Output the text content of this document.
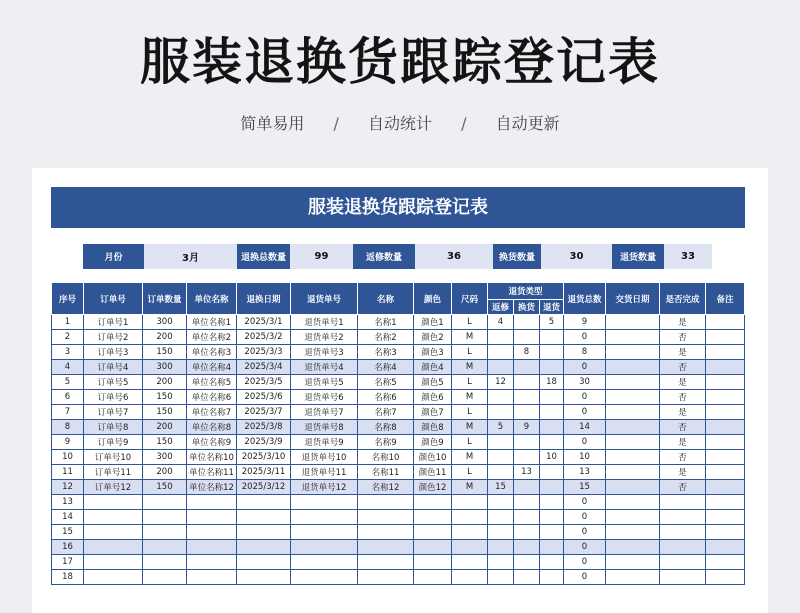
服装退换货跟踪登记表
简单易用 / 自动统计 / 自动更新
服装退换货跟踪登记表
月份	3月	退换总数量	99	返修数量	36	换货数量	30	退货数量	33
序号	订单号	订单数量	单位名称	退换日期	退货单号	名称	颜色	尺码	退货类型			退货总数	交货日期	是否完成	备注
									返修	换货	退货				
1	订单号1	300	单位名称1	2025/3/1	退货单号1	名称1	颜色1	L	4		5	9		是	
2	订单号2	200	单位名称2	2025/3/2	退货单号2	名称2	颜色2	M				0		否	
3	订单号3	150	单位名称3	2025/3/3	退货单号3	名称3	颜色3	L		8		8		是	
4	订单号4	300	单位名称4	2025/3/4	退货单号4	名称4	颜色4	M				0		否	
5	订单号5	200	单位名称5	2025/3/5	退货单号5	名称5	颜色5	L	12		18	30		是	
6	订单号6	150	单位名称6	2025/3/6	退货单号6	名称6	颜色6	M				0		否	
7	订单号7	150	单位名称7	2025/3/7	退货单号7	名称7	颜色7	L				0		是	
8	订单号8	200	单位名称8	2025/3/8	退货单号8	名称8	颜色8	M	5	9		14		否	
9	订单号9	150	单位名称9	2025/3/9	退货单号9	名称9	颜色9	L				0		是	
10	订单号10	300	单位名称10	2025/3/10	退货单号10	名称10	颜色10	M			10	10		否	
11	订单号11	200	单位名称11	2025/3/11	退货单号11	名称11	颜色11	L		13		13		是	
12	订单号12	150	单位名称12	2025/3/12	退货单号12	名称12	颜色12	M	15			15		否	
13												0			
14												0			
15												0			
16												0			
17												0			
18												0			
